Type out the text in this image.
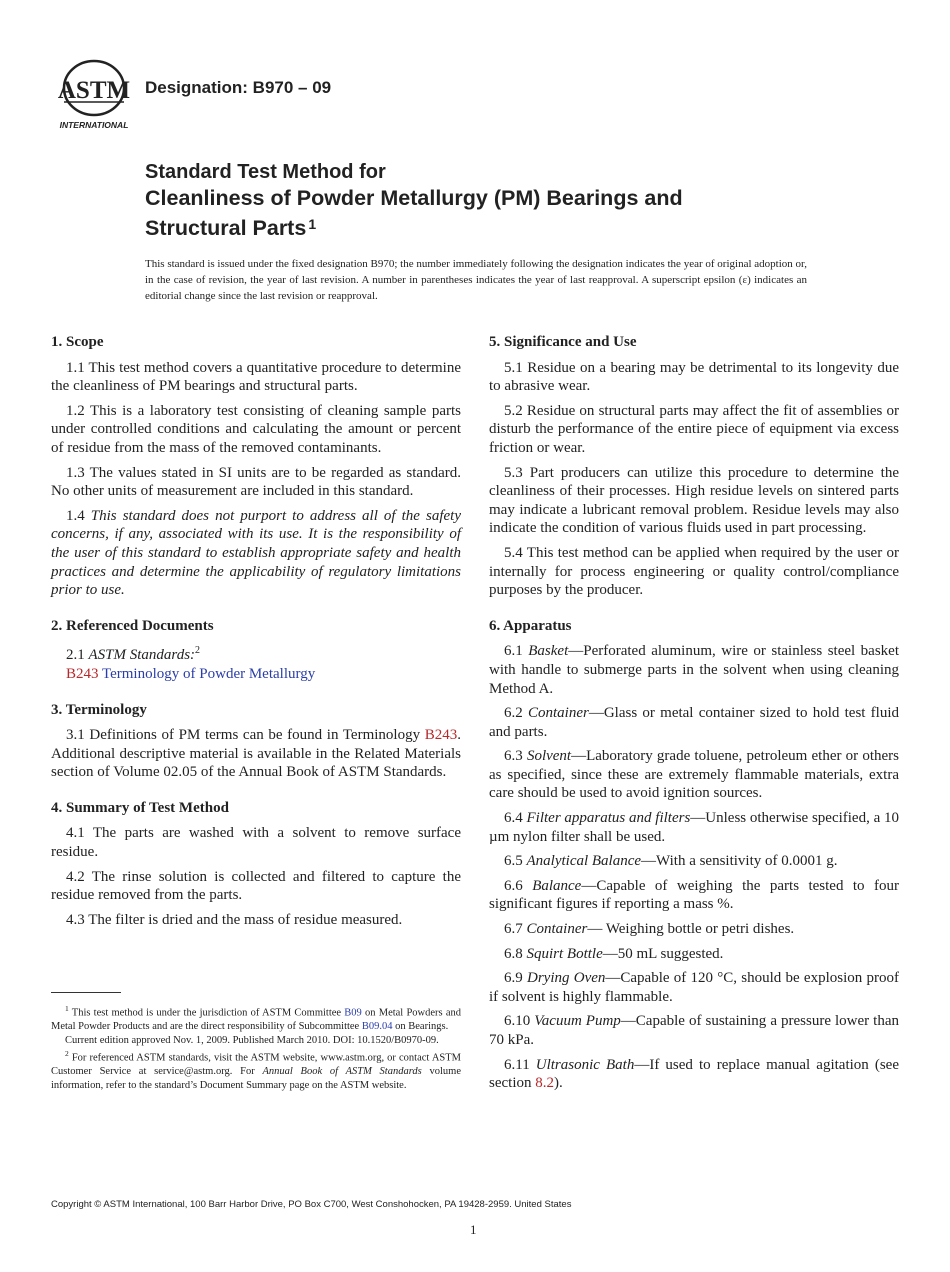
ASTM
INTERNATIONAL
Designation: B970 – 09
Standard Test Method for
Cleanliness of Powder Metallurgy (PM) Bearings and
Structural Parts $^1$
This standard is issued under the fixed designation B970; the number immediately following the designation indicates the year of original adoption or, in the case of revision, the year of last revision. A number in parentheses indicates the year of last reapproval. A superscript epsilon (ε) indicates an editorial change since the last revision or reapproval.
1. Scope

1.1 This test method covers a quantitative procedure to determine the cleanliness of PM bearings and structural parts.

1.2 This is a laboratory test consisting of cleaning sample parts under controlled conditions and calculating the amount or percent of residue from the mass of the removed contaminants.

1.3 The values stated in SI units are to be regarded as standard. No other units of measurement are included in this standard.

1.4 This standard does not purport to address all of the safety concerns, if any, associated with its use. It is the responsibility of the user of this standard to establish appropriate safety and health practices and determine the applicability of regulatory limitations prior to use.

2. Referenced Documents

2.1 ASTM Standards:$^2$

B243 Terminology of Powder Metallurgy

3. Terminology

3.1 Definitions of PM terms can be found in Terminology B243. Additional descriptive material is available in the Related Materials section of Volume 02.05 of the Annual Book of ASTM Standards.

4. Summary of Test Method

4.1 The parts are washed with a solvent to remove surface residue.

4.2 The rinse solution is collected and filtered to capture the residue removed from the parts.

4.3 The filter is dried and the mass of residue measured.

5. Significance and Use

5.1 Residue on a bearing may be detrimental to its longevity due to abrasive wear.

5.2 Residue on structural parts may affect the fit of assemblies or disturb the performance of the entire piece of equipment via excess friction or wear.

5.3 Part producers can utilize this procedure to determine the cleanliness of their processes. High residue levels on sintered parts may indicate a lubricant removal problem. Residue levels may also indicate the condition of various fluids used in part processing.

5.4 This test method can be applied when required by the user or internally for process engineering or quality control/compliance purposes by the producer.

6. Apparatus

6.1 Basket—Perforated aluminum, wire or stainless steel basket with handle to submerge parts in the solvent when using cleaning Method A.

6.2 Container—Glass or metal container sized to hold test fluid and parts.

6.3 Solvent—Laboratory grade toluene, petroleum ether or others as specified, since these are extremely flammable materials, extra care should be used to avoid ignition sources.

6.4 Filter apparatus and filters—Unless otherwise specified, a 10 µm nylon filter shall be used.

6.5 Analytical Balance—With a sensitivity of 0.0001 g.

6.6 Balance—Capable of weighing the parts tested to four significant figures if reporting a mass %.

6.7 Container— Weighing bottle or petri dishes.

6.8 Squirt Bottle—50 mL suggested.

6.9 Drying Oven—Capable of 120 °C, should be explosion proof if solvent is highly flammable.

6.10 Vacuum Pump—Capable of sustaining a pressure lower than 70 kPa.

6.11 Ultrasonic Bath—If used to replace manual agitation (see section 8.2).

$^1$ This test method is under the jurisdiction of ASTM Committee B09 on Metal Powders and Metal Powder Products and are the direct responsibility of Subcommittee B09.04 on Bearings.

Current edition approved Nov. 1, 2009. Published March 2010. DOI: 10.1520/B0970-09.

$^2$ For referenced ASTM standards, visit the ASTM website, www.astm.org, or contact ASTM Customer Service at service@astm.org. For Annual Book of ASTM Standards volume information, refer to the standard’s Document Summary page on the ASTM website.

Copyright © ASTM International, 100 Barr Harbor Drive, PO Box C700, West Conshohocken, PA 19428-2959. United States
1
